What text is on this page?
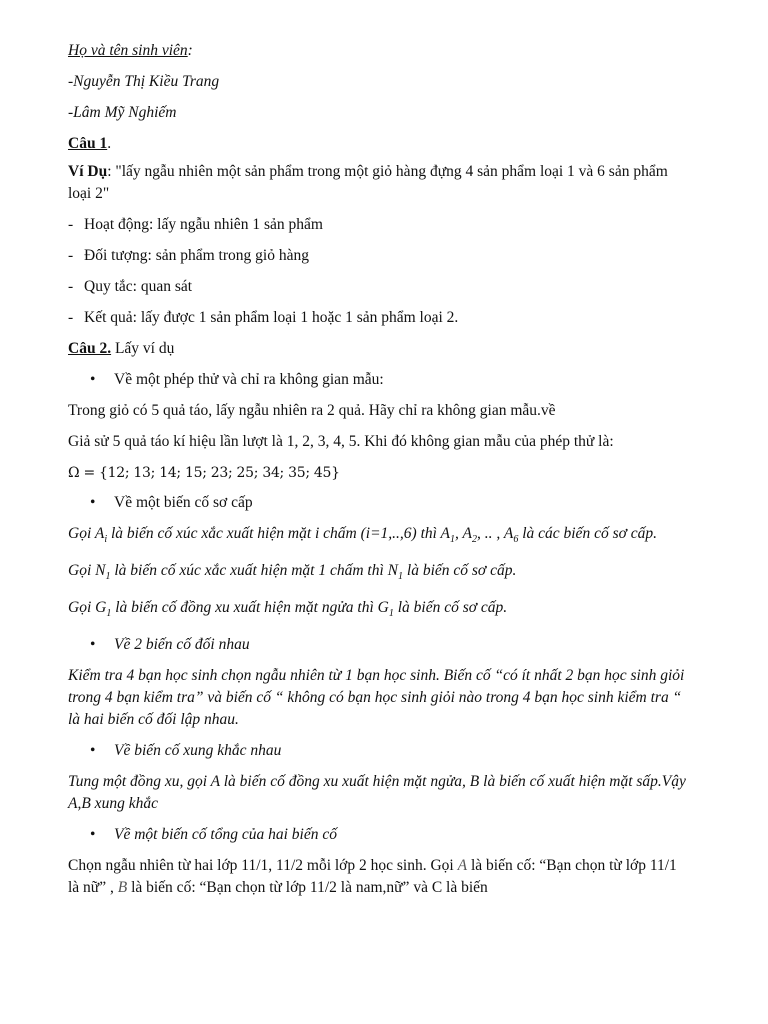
Họ và tên sinh viên:

-Nguyễn Thị Kiều Trang

-Lâm Mỹ Nghiếm

Câu 1.

Ví Dụ: "lấy ngẫu nhiên một sản phẩm trong một giỏ hàng đựng 4 sản phẩm loại 1 và 6 sản phẩm loại 2"

- Hoạt động: lấy ngẫu nhiên 1 sản phẩm

- Đối tượng: sản phẩm trong giỏ hàng

- Quy tắc: quan sát

- Kết quả: lấy được 1 sản phẩm loại 1 hoặc 1 sản phẩm loại 2.

Câu 2. Lấy ví dụ

• Về một phép thử và chỉ ra không gian mẫu:

Trong giỏ có 5 quả táo, lấy ngẫu nhiên ra 2 quả. Hãy chỉ ra không gian mẫu.về

Giả sử 5 quả táo kí hiệu lần lượt là 1, 2, 3, 4, 5. Khi đó không gian mẫu của phép thử là:

Ω = {12; 13; 14; 15; 23; 25; 34; 35; 45}

• Về một biến cố sơ cấp

Gọi $A_i$ là biến cố xúc xắc xuất hiện mặt i chấm (i=1,..,6) thì $A_1$, $A_2$, .. , $A_6$ là các biến cố sơ cấp.

Gọi $N_1$ là biến cố xúc xắc xuất hiện mặt 1 chấm thì $N_1$ là biến cố sơ cấp.

Gọi $G_1$ là biến cố đồng xu xuất hiện mặt ngửa thì $G_1$ là biến cố sơ cấp.

• Về 2 biến cố đối nhau

Kiểm tra 4 bạn học sinh chọn ngẫu nhiên từ 1 bạn học sinh. Biến cố “có ít nhất 2 bạn học sinh giỏi trong 4 bạn kiểm tra” và biến cố “ không có bạn học sinh giỏi nào trong 4 bạn học sinh kiểm tra “ là hai biến cố đối lập nhau.

• Về biến cố xung khắc nhau

Tung một đồng xu, gọi A là biến cố đồng xu xuất hiện mặt ngửa, B là biến cố xuất hiện mặt sấp.Vậy A,B xung khắc

• Về một biến cố tổng của hai biến cố

Chọn ngẫu nhiên từ hai lớp 11/1, 11/2 mỗi lớp 2 học sinh. Gọi A là biến cố: “Bạn chọn từ lớp 11/1 là nữ” , B là biến cố: “Bạn chọn từ lớp 11/2 là nam,nữ” và C là biến
